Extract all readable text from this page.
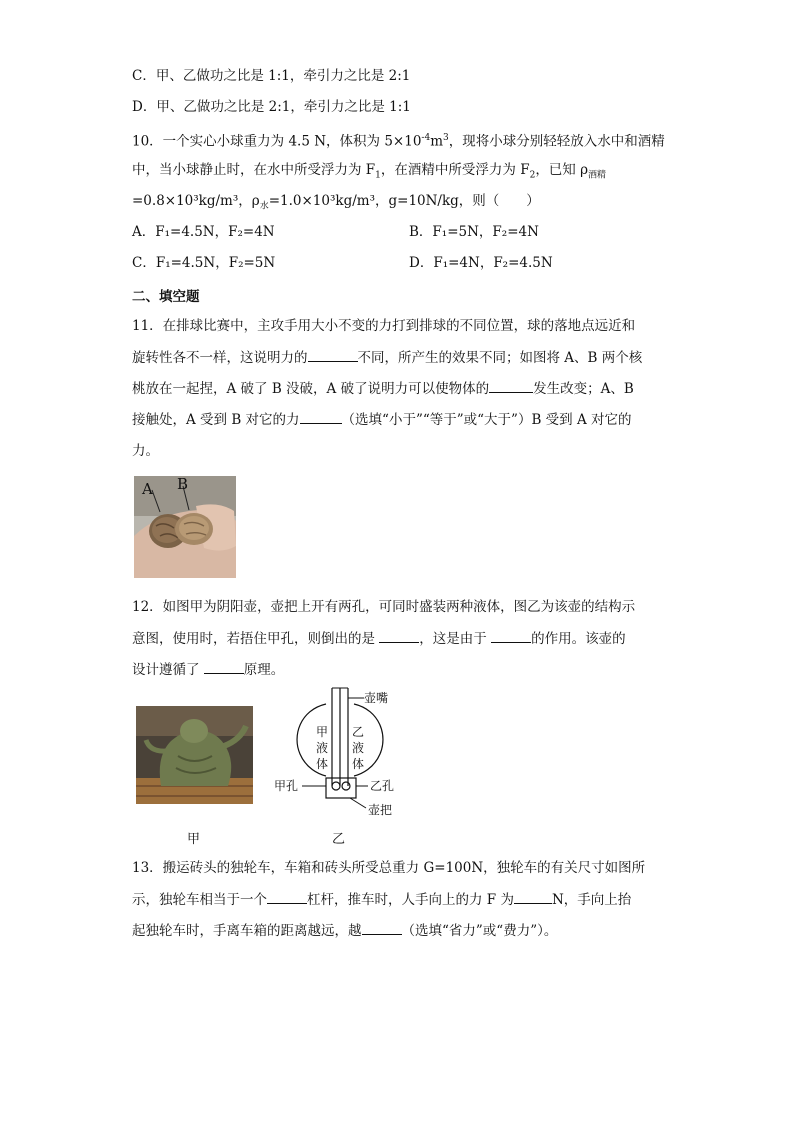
C．甲、乙做功之比是 1:1，牵引力之比是 2:1
D．甲、乙做功之比是 2:1，牵引力之比是 1:1
10．一个实心小球重力为 4.5 N，体积为 $5\times 10^{-4}m^3$，现将小球分别轻轻放入水中和酒精
中，当小球静止时，在水中所受浮力为 $F_1$，在酒精中所受浮力为 $F_2$，已知 $\rho_{酒精}$
=0.8×10³kg/m³，$\rho_水=1.0\times 10^3kg/m^3$，g=10N/kg，则（　　）
A．F₁=4.5N，F₂=4N	B．F₁=5N，F₂=4N
C．F₁=4.5N，F₂=5N	D．F₁=4N，F₂=4.5N
二、填空题
11．在排球比赛中，主攻手用大小不变的力打到排球的不同位置，球的落地点远近和
旋转性各不一样，这说明力的	不同，所产生的效果不同；如图将 A、B 两个核
桃放在一起捏，A 破了 B 没破，A 破了说明力可以使物体的	发生改变；A、B
接触处，A 受到 B 对它的力	（选填“小于”“等于”或“大于”）B 受到 A 对它的
力。
A B
12．如图甲为阴阳壶，壶把上开有两孔，可同时盛装两种液体，图乙为该壶的结构示
意图，使用时，若捂住甲孔，则倒出的是	，这是由于	的作用。该壶的
设计遵循了	原理。
甲
壶嘴
甲
液
体
乙
液
体
甲孔	乙孔
壶把
乙
13．搬运砖头的独轮车，车箱和砖头所受总重力 G=100N，独轮车的有关尺寸如图所
示，独轮车相当于一个	杠杆，推车时，人手向上的力 F 为	N，手向上抬
起独轮车时，手离车箱的距离越远，越	（选填“省力”或“费力”）。
